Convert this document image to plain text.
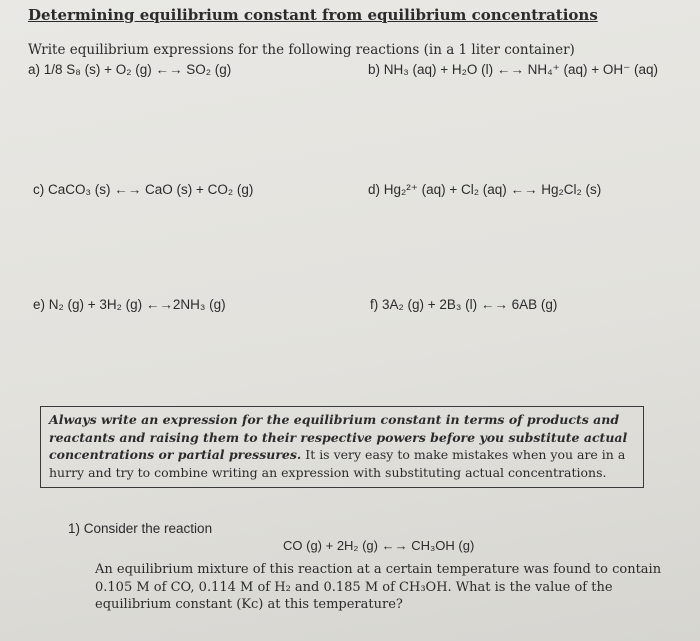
Determining equilibrium constant from equilibrium concentrations
Write equilibrium expressions for the following reactions (in a 1 liter container)
a) 1/8 S₈ (s) + O₂ (g) ←→ SO₂ (g)	b) NH₃ (aq) + H₂O (l) ←→ NH₄⁺ (aq) + OH⁻ (aq)
c) CaCO₃ (s) ←→ CaO (s) + CO₂ (g)	d) Hg₂²⁺ (aq) + Cl₂ (aq) ←→ Hg₂Cl₂ (s)
e) N₂ (g) + 3H₂ (g) ←→2NH₃ (g)	f) 3A₂ (g) + 2B₃ (l) ←→ 6AB (g)
Always write an expression for the equilibrium constant in terms of products and reactants and raising them to their respective powers before you substitute actual concentrations or partial pressures. It is very easy to make mistakes when you are in a hurry and try to combine writing an expression with substituting actual concentrations.
1) Consider the reaction
CO (g) + 2H₂ (g) ←→ CH₃OH (g)
An equilibrium mixture of this reaction at a certain temperature was found to contain 0.105 M of CO, 0.114 M of H₂ and 0.185 M of CH₃OH. What is the value of the equilibrium constant (Kc) at this temperature?
